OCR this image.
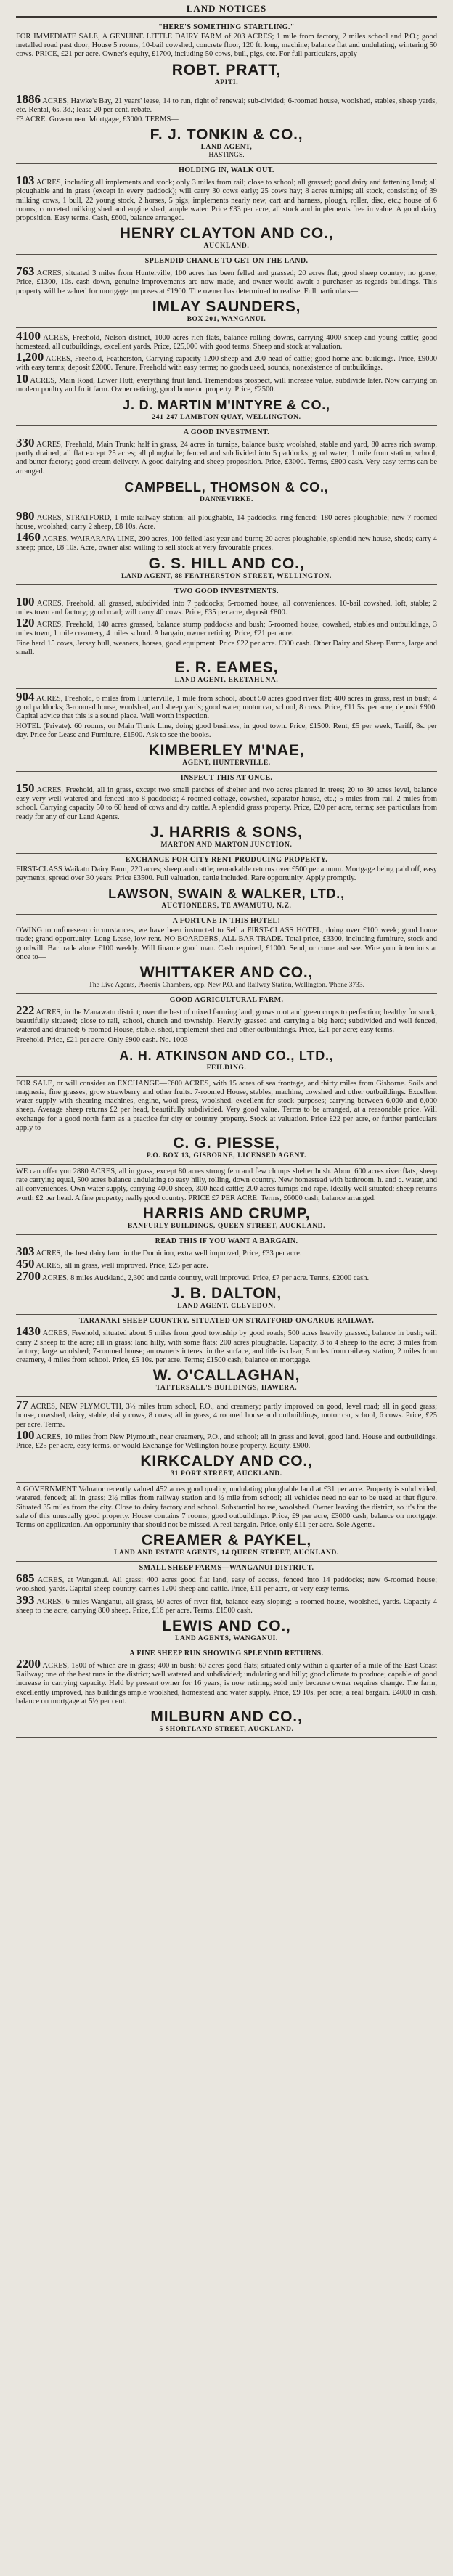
LAND NOTICES
"HERE'S SOMETHING STARTLING."

FOR IMMEDIATE SALE, A GENUINE LITTLE DAIRY FARM of 203 ACRES; 1 mile from factory, 2 miles school and P.O.; good metalled road past door; House 5 rooms, 10-bail cowshed, concrete floor, 120 ft. long, machine; balance flat and undulating, wintering 50 cows. PRICE, £21 per acre. Owner's equity, £1700, including 50 cows, bull, pigs, etc. For full particulars, apply—

ROBT. PRATT,
APITI.

1886 ACRES, Hawke's Bay, 21 years' lease, 14 to run, right of renewal; sub-divided; 6-roomed house, woolshed, stables, sheep yards, etc. Rental, 6s. 3d.; lease 20 per cent. rebate.

£3 ACRE. Government Mortgage, £3000. TERMS—

F. J. TONKIN & CO.,
LAND AGENT,
HASTINGS.
HOLDING IN, WALK OUT.

103 ACRES, including all implements and stock; only 3 miles from rail; close to school; all grassed; good dairy and fattening land; all ploughable and in grass (except in every paddock); will carry 30 cows early; 25 cows hay; 8 acres turnips; all stock, consisting of 39 milking cows, 1 bull, 22 young stock, 2 horses, 5 pigs; implements nearly new, cart and harness, plough, roller, disc, etc.; house of 6 rooms; concreted milking shed and engine shed; ample water. Price £33 per acre, all stock and implements free in value. A good dairy proposition. Easy terms. Cash, £600, balance arranged.

HENRY CLAYTON AND CO.,
AUCKLAND.
SPLENDID CHANCE TO GET ON THE LAND.

763 ACRES, situated 3 miles from Hunterville, 100 acres has been felled and grassed; 20 acres flat; good sheep country; no gorse; Price, £1300, 10s. cash down, genuine improvements are now made, and owner would await a purchaser as regards buildings. This property will be valued for mortgage purposes at £1900. The owner has determined to realise. Full particulars—

IMLAY SAUNDERS,
BOX 201, WANGANUI.

4100 ACRES, Freehold, Nelson district, 1000 acres rich flats, balance rolling downs, carrying 4000 sheep and young cattle; good homestead, all outbuildings, excellent yards. Price, £25,000 with good terms. Sheep and stock at valuation.

1,200 ACRES, Freehold, Featherston, Carrying capacity 1200 sheep and 200 head of cattle; good home and buildings. Price, £9000 with easy terms; deposit £2000. Tenure, Freehold with easy terms; no goods used, sounds, nonexistence of outbuildings.

10 ACRES, Main Road, Lower Hutt, everything fruit land. Tremendous prospect, will increase value, subdivide later. Now carrying on modern poultry and fruit farm. Owner retiring, good home on property. Price, £2500.

J. D. MARTIN M'INTYRE & CO.,
241-247 LAMBTON QUAY, WELLINGTON.
A GOOD INVESTMENT.

330 ACRES, Freehold, Main Trunk; half in grass, 24 acres in turnips, balance bush; woolshed, stable and yard, 80 acres rich swamp, partly drained; all flat except 25 acres; all ploughable; fenced and subdivided into 5 paddocks; good water; 1 mile from station, school, and butter factory; good cream delivery. A good dairying and sheep proposition. Price, £3000. Terms, £800 cash. Very easy terms can be arranged.

CAMPBELL, THOMSON & CO.,
DANNEVIRKE.

980 ACRES, STRATFORD, 1-mile railway station; all ploughable, 14 paddocks, ring-fenced; 180 acres ploughable; new 7-roomed house, woolshed; carry 2 sheep, £8 10s. Acre.

1460 ACRES, WAIRARAPA LINE, 200 acres, 100 felled last year and burnt; 20 acres ploughable, splendid new house, sheds; carry 4 sheep; price, £8 10s. Acre, owner also willing to sell stock at very favourable prices.

G. S. HILL AND CO.,
LAND AGENT, 88 FEATHERSTON STREET, WELLINGTON.
TWO GOOD INVESTMENTS.

100 ACRES, Freehold, all grassed, subdivided into 7 paddocks; 5-roomed house, all conveniences, 10-bail cowshed, loft, stable; 2 miles town and factory; good road; will carry 40 cows. Price, £35 per acre, deposit £800.

120 ACRES, Freehold, 140 acres grassed, balance stump paddocks and bush; 5-roomed house, cowshed, stables and outbuildings, 3 miles town, 1 mile creamery, 4 miles school. A bargain, owner retiring. Price, £21 per acre.

Fine herd 15 cows, Jersey bull, weaners, horses, good equipment. Price £22 per acre. £300 cash. Other Dairy and Sheep Farms, large and small.

E. R. EAMES,
LAND AGENT, EKETAHUNA.

904 ACRES, Freehold, 6 miles from Hunterville, 1 mile from school, about 50 acres good river flat; 400 acres in grass, rest in bush; 4 good paddocks; 3-roomed house, woolshed, and sheep yards; good water, motor car, school, 8 cows. Price, £11 5s. per acre, deposit £900. Capital advice that this is a sound place. Well worth inspection.

HOTEL (Private). 60 rooms, on Main Trunk Line, doing good business, in good town. Price, £1500. Rent, £5 per week, Tariff, 8s. per day. Price for Lease and Furniture, £1500. Ask to see the books.

KIMBERLEY M'NAE,
AGENT, HUNTERVILLE.
INSPECT THIS AT ONCE.

150 ACRES, Freehold, all in grass, except two small patches of shelter and two acres planted in trees; 20 to 30 acres level, balance easy very well watered and fenced into 8 paddocks; 4-roomed cottage, cowshed, separator house, etc.; 5 miles from rail. 2 miles from school. Carrying capacity 50 to 60 head of cows and dry cattle. A splendid grass property. Price, £20 per acre, terms; see particulars from ready for any of our Land Agents.

J. HARRIS & SONS,
MARTON AND MARTON JUNCTION.
EXCHANGE FOR CITY RENT-PRODUCING PROPERTY.

FIRST-CLASS Waikato Dairy Farm, 220 acres; sheep and cattle; remarkable returns over £500 per annum. Mortgage being paid off, easy payments, spread over 30 years. Price £3500. Full valuation, cattle included. Rare opportunity. Apply promptly.

LAWSON, SWAIN & WALKER, LTD.,
AUCTIONEERS, TE AWAMUTU, N.Z.
A FORTUNE IN THIS HOTEL!

OWING to unforeseen circumstances, we have been instructed to Sell a FIRST-CLASS HOTEL, doing over £100 week; good home trade; grand opportunity. Long Lease, low rent. NO BOARDERS, ALL BAR TRADE. Total price, £3300, including furniture, stock and goodwill. Bar trade alone £100 weekly. Will finance good man. Cash required, £1000. Send, or come and see. Wire your intentions at once to—

WHITTAKER AND CO.,
The Live Agents, Phoenix Chambers, opp. New P.O. and Railway Station, Wellington. 'Phone 3733.
GOOD AGRICULTURAL FARM.

222 ACRES, in the Manawatu district; over the best of mixed farming land; grows root and green crops to perfection; healthy for stock; beautifully situated; close to rail, school, church and township. Heavily grassed and carrying a big herd; subdivided and well fenced, watered and drained; 6-roomed House, stable, shed, implement shed and other outbuildings. Price, £21 per acre; easy terms.

Freehold. Price, £21 per acre. Only £900 cash. No. 1003

A. H. ATKINSON AND CO., LTD.,
FEILDING.

FOR SALE, or will consider an EXCHANGE—£600 ACRES, with 15 acres of sea frontage, and thirty miles from Gisborne. Soils and magnesia, fine grasses, grow strawberry and other fruits. 7-roomed House, stables, machine, cowshed and other outbuildings. Excellent water supply with shearing machines, engine, wool press, woolshed, excellent for stock purposes; carrying between 6,000 and 6,000 sheep. Average sheep returns £2 per head, beautifully subdivided. Very good value. Terms to be arranged, at a reasonable price. Will exchange for a good north farm as a practice for city or country property. Stock at valuation. Price £22 per acre, or further particulars apply to—

C. G. PIESSE,
P.O. BOX 13, GISBORNE, LICENSED AGENT.

WE can offer you 2880 ACRES, all in grass, except 80 acres strong fern and few clumps shelter bush. About 600 acres river flats, sheep rate carrying equal, 500 acres balance undulating to easy hilly, rolling, down country. New homestead with bathroom, h. and c. water, and all conveniences. Own water supply, carrying 4000 sheep, 300 head cattle; 200 acres turnips and rape. Ideally well situated; sheep returns worth £2 per head. A fine property; really good country. PRICE £7 PER ACRE. Terms, £6000 cash; balance arranged.

HARRIS AND CRUMP,
BANFURLY BUILDINGS, QUEEN STREET, AUCKLAND.
READ THIS IF YOU WANT A BARGAIN.

303 ACRES, the best dairy farm in the Dominion, extra well improved, Price, £33 per acre.

450 ACRES, all in grass, well improved. Price, £25 per acre.

2700 ACRES, 8 miles Auckland, 2,300 and cattle country, well improved. Price, £7 per acre. Terms, £2000 cash.

J. B. DALTON,
LAND AGENT, CLEVEDON.
TARANAKI SHEEP COUNTRY. SITUATED ON STRATFORD-ONGARUE RAILWAY.

1430 ACRES, Freehold, situated about 5 miles from good township by good roads; 500 acres heavily grassed, balance in bush; will carry 2 sheep to the acre; all in grass; land hilly, with some flats; 200 acres ploughable. Capacity, 3 to 4 sheep to the acre; 3 miles from factory; large woolshed; 7-roomed house; an owner's interest in the surface, and title is clear; 5 miles from railway station, 2 miles from creamery, 4 miles from school. Price, £5 10s. per acre. Terms; £1500 cash; balance on mortgage.

W. O'CALLAGHAN,
TATTERSALL'S BUILDINGS, HAWERA.

77 ACRES, NEW PLYMOUTH, 3½ miles from school, P.O., and creamery; partly improved on good, level road; all in good grass; house, cowshed, dairy, stable, dairy cows, 8 cows; all in grass, 4 roomed house and outbuildings, motor car, school, 6 cows. Price, £25 per acre. Terms.

100 ACRES, 10 miles from New Plymouth, near creamery, P.O., and school; all in grass and level, good land. House and outbuildings. Price, £25 per acre, easy terms, or would Exchange for Wellington house property. Equity, £900.

KIRKCALDY AND CO.,
31 PORT STREET, AUCKLAND.

A GOVERNMENT Valuator recently valued 452 acres good quality, undulating ploughable land at £31 per acre. Property is subdivided, watered, fenced; all in grass; 2½ miles from railway station and ½ mile from school; all vehicles need no ear to be used at that figure. Situated 35 miles from the city. Close to dairy factory and school. Substantial house, woolshed. Owner leaving the district, so it's for the sale of this unusually good property. House contains 7 rooms; good outbuildings. Price, £9 per acre, £3000 cash, balance on mortgage. Terms on application. An opportunity that should not be missed. A real bargain. Price, only £11 per acre. Sole Agents.

CREAMER & PAYKEL,
LAND AND ESTATE AGENTS, 14 QUEEN STREET, AUCKLAND.
SMALL SHEEP FARMS—WANGANUI DISTRICT.

685 ACRES, at Wanganui. All grass; 400 acres good flat land, easy of access, fenced into 14 paddocks; new 6-roomed house; woolshed, yards. Capital sheep country, carries 1200 sheep and cattle. Price, £11 per acre, or very easy terms.

393 ACRES, 6 miles Wanganui, all grass, 50 acres of river flat, balance easy sloping; 5-roomed house, woolshed, yards. Capacity 4 sheep to the acre, carrying 800 sheep. Price, £16 per acre. Terms, £1500 cash.

LEWIS AND CO.,
LAND AGENTS, WANGANUI.
A FINE SHEEP RUN SHOWING SPLENDID RETURNS.

2200 ACRES, 1800 of which are in grass; 400 in bush; 60 acres good flats; situated only within a quarter of a mile of the East Coast Railway; one of the best runs in the district; well watered and subdivided; undulating and hilly; good climate to produce; capable of good increase in carrying capacity. Held by present owner for 16 years, is now retiring; sold only because owner requires change. The farm, excellently improved, has buildings ample woolshed, homestead and water supply. Price, £9 10s. per acre; a real bargain. £4000 in cash, balance on mortgage at 5½ per cent.

MILBURN AND CO.,
5 SHORTLAND STREET, AUCKLAND.
